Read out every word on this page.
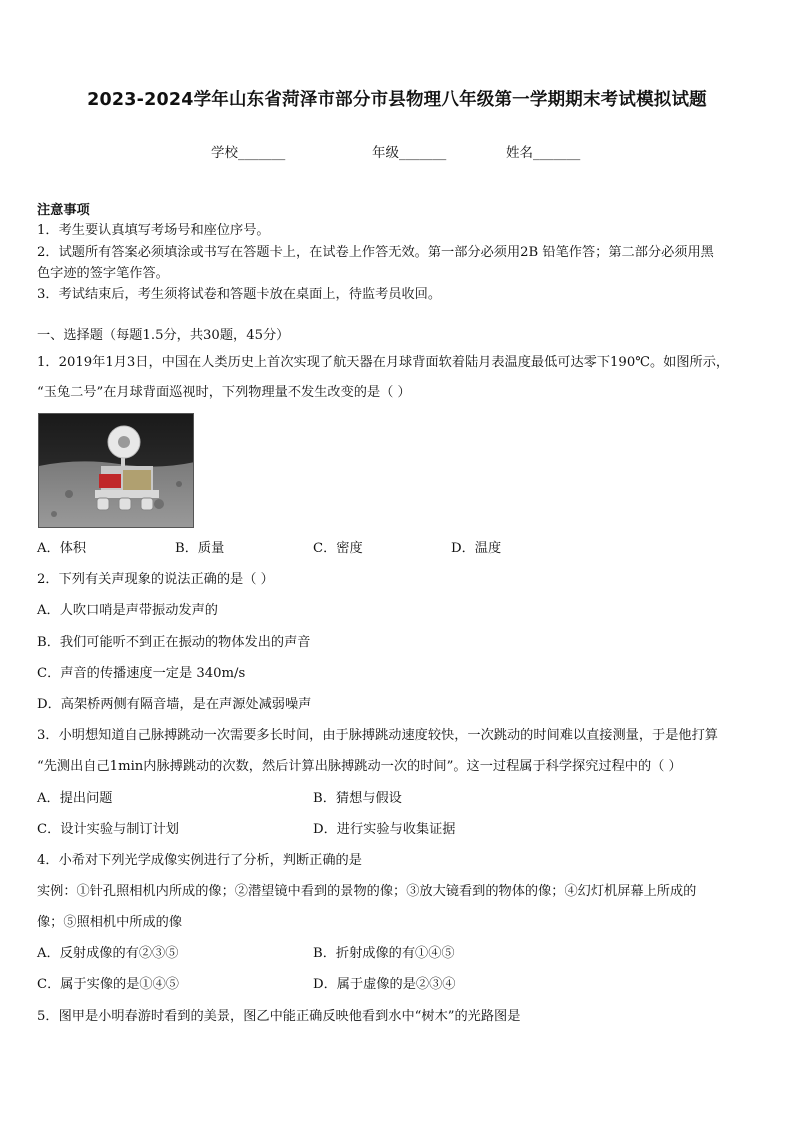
2023-2024学年山东省菏泽市部分市县物理八年级第一学期期末考试模拟试题
学校_______	年级_______	姓名_______
注意事项
1．考生要认真填写考场号和座位序号。
2．试题所有答案必须填涂或书写在答题卡上，在试卷上作答无效。第一部分必须用2B 铅笔作答；第二部分必须用黑
色字迹的签字笔作答。
3．考试结束后，考生须将试卷和答题卡放在桌面上，待监考员收回。
一、选择题（每题1.5分，共30题，45分）
1．2019年1月3日，中国在人类历史上首次实现了航天器在月球背面软着陆月表温度最低可达零下190℃。如图所示，
“玉兔二号”在月球背面巡视时，下列物理量不发生改变的是（ ）
A．体积	B．质量	C．密度	D．温度
2．下列有关声现象的说法正确的是（ ）
A．人吹口哨是声带振动发声的
B．我们可能听不到正在振动的物体发出的声音
C．声音的传播速度一定是 340m/s
D．高架桥两侧有隔音墙，是在声源处减弱噪声
3．小明想知道自己脉搏跳动一次需要多长时间，由于脉搏跳动速度较快，一次跳动的时间难以直接测量，于是他打算
“先测出自己1min内脉搏跳动的次数，然后计算出脉搏跳动一次的时间”。这一过程属于科学探究过程中的（ ）
A．提出问题	B．猜想与假设
C．设计实验与制订计划	D．进行实验与收集证据
4．小希对下列光学成像实例进行了分析，判断正确的是
实例：①针孔照相机内所成的像；②潜望镜中看到的景物的像；③放大镜看到的物体的像；④幻灯机屏幕上所成的
像；⑤照相机中所成的像
A．反射成像的有②③⑤	B．折射成像的有①④⑤
C．属于实像的是①④⑤	D．属于虚像的是②③④
5．图甲是小明春游时看到的美景，图乙中能正确反映他看到水中“树木”的光路图是
